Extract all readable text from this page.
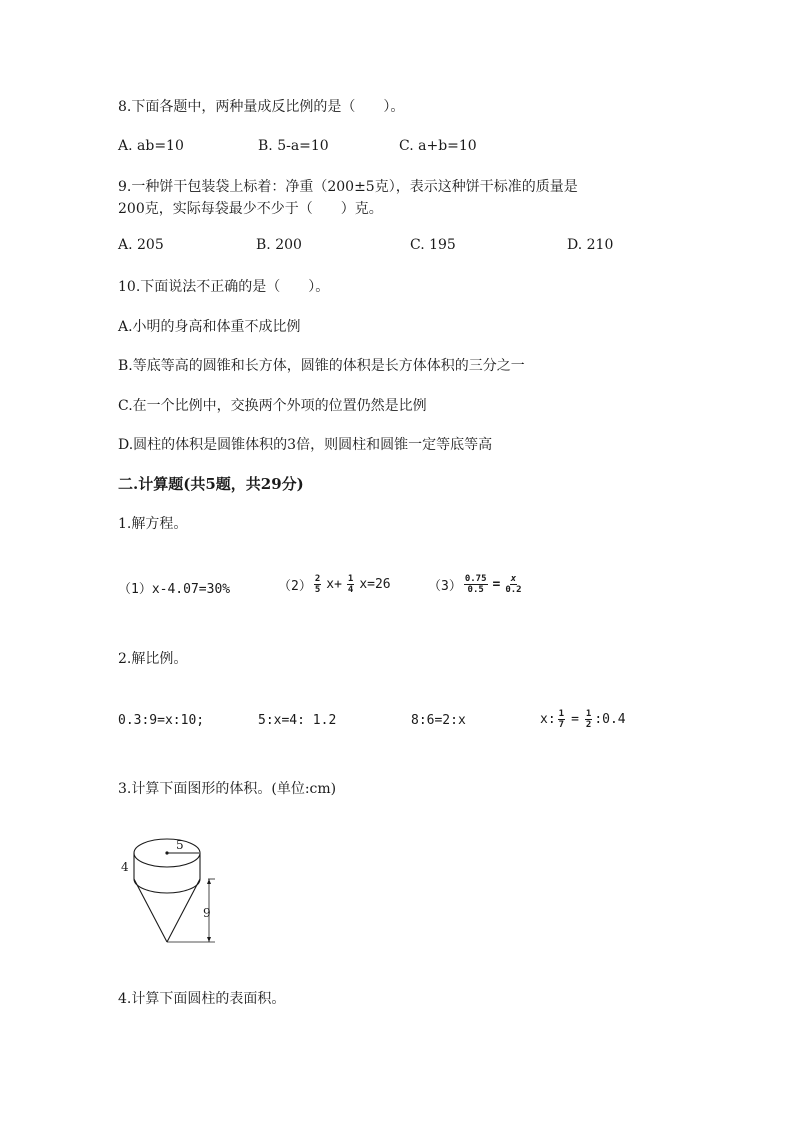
8.下面各题中，两种量成反比例的是（　　）。
A. ab=10	B. 5-a=10	C. a+b=10
9.一种饼干包装袋上标着：净重（200±5克），表示这种饼干标准的质量是
200克，实际每袋最少不少于（　　）克。
A. 205	B. 200	C. 195	D. 210
10.下面说法不正确的是（　　）。
A.小明的身高和体重不成比例
B.等底等高的圆锥和长方体，圆锥的体积是长方体体积的三分之一
C.在一个比例中，交换两个外项的位置仍然是比例
D.圆柱的体积是圆锥体积的3倍，则圆柱和圆锥一定等底等高
二.计算题(共5题，共29分)
1.解方程。
（1）x-4.07=30%	$(2) \frac{2}{5} x+ \frac{1}{4} x=26$	$(3) \frac{0.75}{0.5} = \frac{x}{0.2}$
2.解比例。
0.3:9=x:10;	5:x=4: 1.2	8:6=2:x	x: $\frac{1}{7} = \frac{1}{2}$ :0.4
3.计算下面图形的体积。(单位:cm)
5
4
9
4.计算下面圆柱的表面积。
